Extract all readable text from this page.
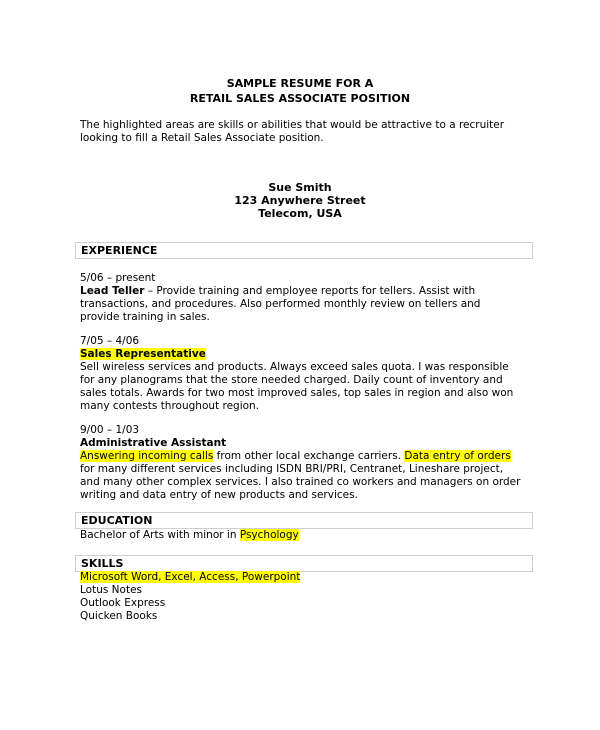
SAMPLE RESUME FOR A
RETAIL SALES ASSOCIATE POSITION
The highlighted areas are skills or abilities that would be attractive to a recruiter
looking to fill a Retail Sales Associate position.
Sue Smith
123 Anywhere Street
Telecom, USA
EXPERIENCE
5/06 – present
Lead Teller – Provide training and employee reports for tellers. Assist with
transactions, and procedures. Also performed monthly review on tellers and
provide training in sales.
7/05 – 4/06
Sales Representative
Sell wireless services and products. Always exceed sales quota. I was responsible
for any planograms that the store needed charged. Daily count of inventory and
sales totals. Awards for two most improved sales, top sales in region and also won
many contests throughout region.
9/00 – 1/03
Administrative Assistant
Answering incoming calls from other local exchange carriers. Data entry of orders
for many different services including ISDN BRI/PRI, Centranet, Lineshare project,
and many other complex services. I also trained co workers and managers on order
writing and data entry of new products and services.
EDUCATION
Bachelor of Arts with minor in Psychology
SKILLS
Microsoft Word, Excel, Access, Powerpoint
Lotus Notes
Outlook Express
Quicken Books
